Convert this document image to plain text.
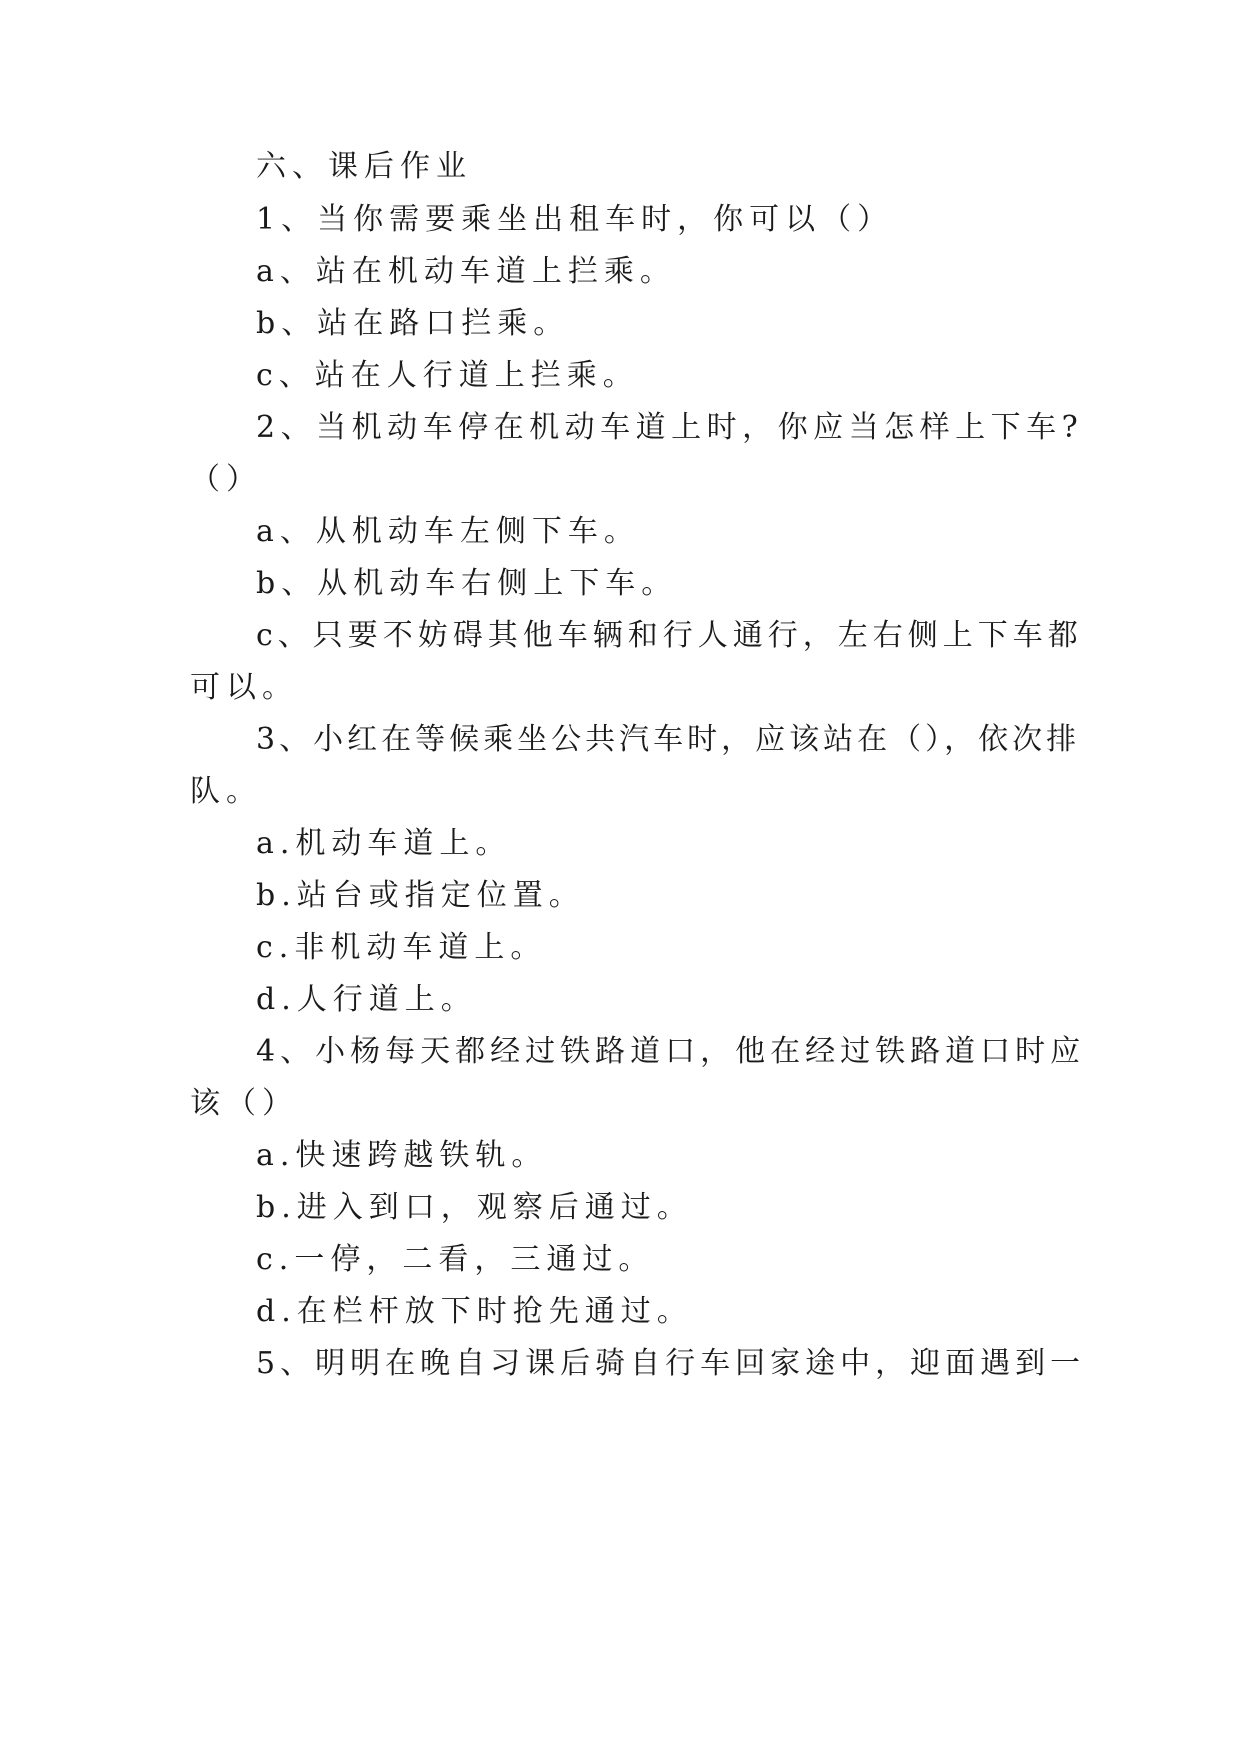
六、课后作业

1、当你需要乘坐出租车时，你可以（）

a、站在机动车道上拦乘。

b、站在路口拦乘。

c、站在人行道上拦乘。

2、当机动车停在机动车道上时，你应当怎样上下车?

（）

a、从机动车左侧下车。

b、从机动车右侧上下车。

c、只要不妨碍其他车辆和行人通行，左右侧上下车都

可以。

3、小红在等候乘坐公共汽车时，应该站在（），依次排

队。

a.机动车道上。

b.站台或指定位置。

c.非机动车道上。

d.人行道上。

4、小杨每天都经过铁路道口，他在经过铁路道口时应

该（）

a.快速跨越铁轨。

b.进入到口，观察后通过。

c.一停，二看，三通过。

d.在栏杆放下时抢先通过。

5、明明在晚自习课后骑自行车回家途中，迎面遇到一
